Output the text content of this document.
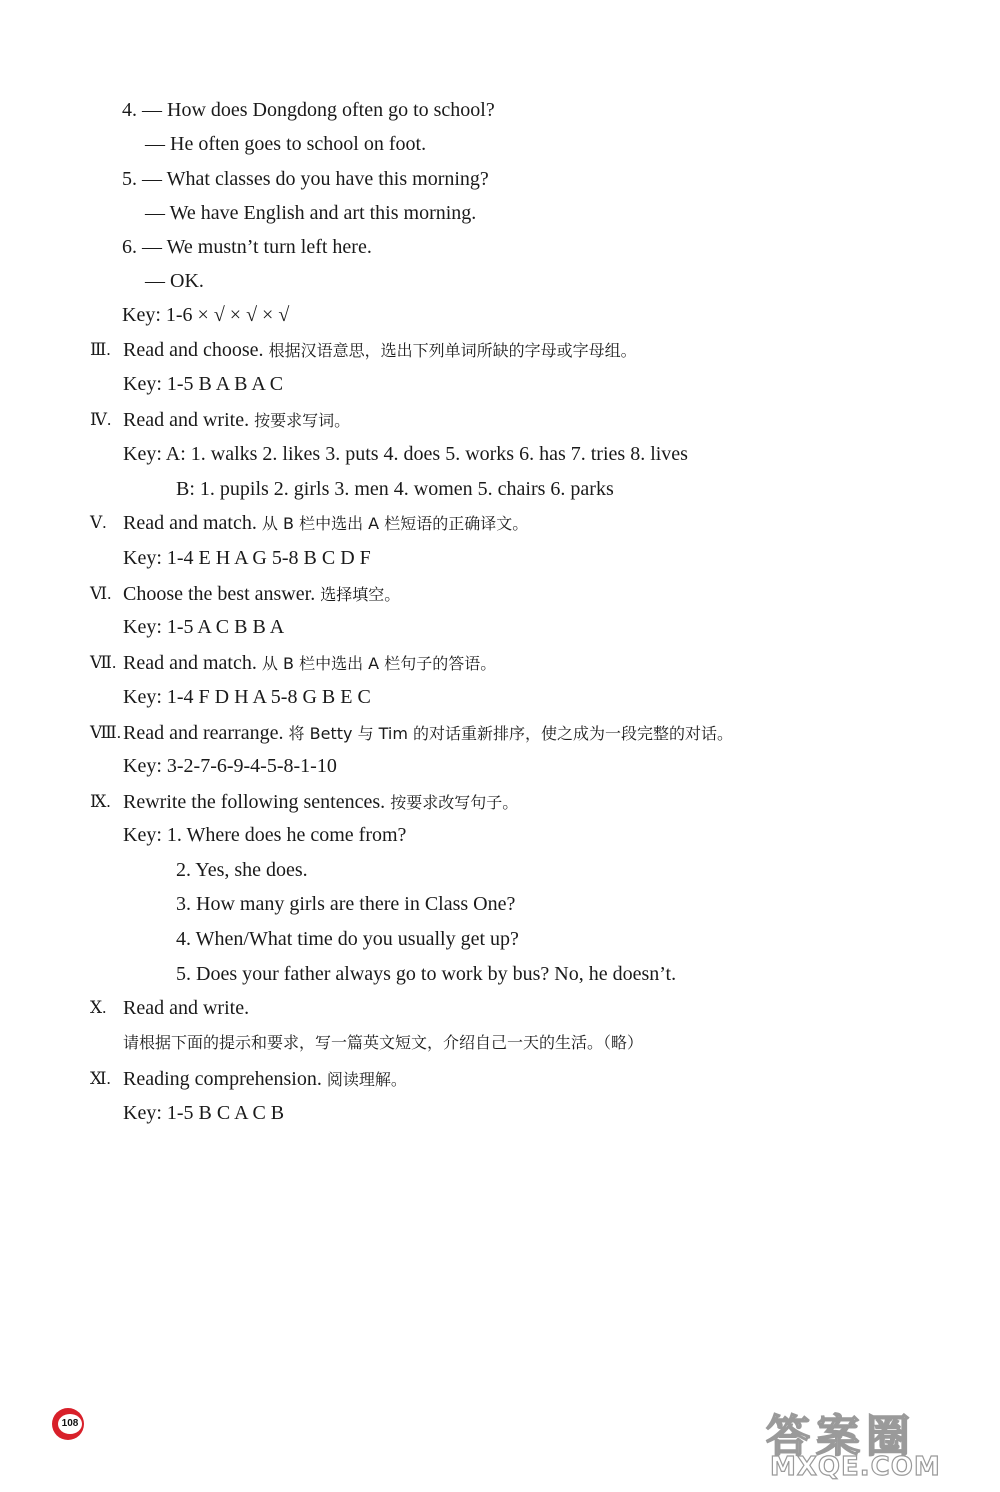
4. — How does Dongdong often go to school?
— He often goes to school on foot.
5. — What classes do you have this morning?
— We have English and art this morning.
6. — We mustn’t turn left here.
— OK.
Key: 1-6 × √ × √ × √
Ⅲ. Read and choose. 根据汉语意思，选出下列单词所缺的字母或字母组。
Key: 1-5 B A B A C
Ⅳ. Read and write. 按要求写词。
Key: A: 1. walks 2. likes 3. puts 4. does 5. works 6. has 7. tries 8. lives
B: 1. pupils 2. girls 3. men 4. women 5. chairs 6. parks
Ⅴ. Read and match. 从 B 栏中选出 A 栏短语的正确译文。
Key: 1-4 E H A G 5-8 B C D F
Ⅵ. Choose the best answer. 选择填空。
Key: 1-5 A C B B A
Ⅶ. Read and match. 从 B 栏中选出 A 栏句子的答语。
Key: 1-4 F D H A 5-8 G B E C
Ⅷ. Read and rearrange. 将 Betty 与 Tim 的对话重新排序，使之成为一段完整的对话。
Key: 3-2-7-6-9-4-5-8-1-10
Ⅸ. Rewrite the following sentences. 按要求改写句子。
Key: 1. Where does he come from?
2. Yes, she does.
3. How many girls are there in Class One?
4. When/What time do you usually get up?
5. Does your father always go to work by bus? No, he doesn’t.
Ⅹ. Read and write.
请根据下面的提示和要求，写一篇英文短文，介绍自己一天的生活。（略）
Ⅺ. Reading comprehension. 阅读理解。
Key: 1-5 B C A C B
108	答案圈
MXQE.COM
